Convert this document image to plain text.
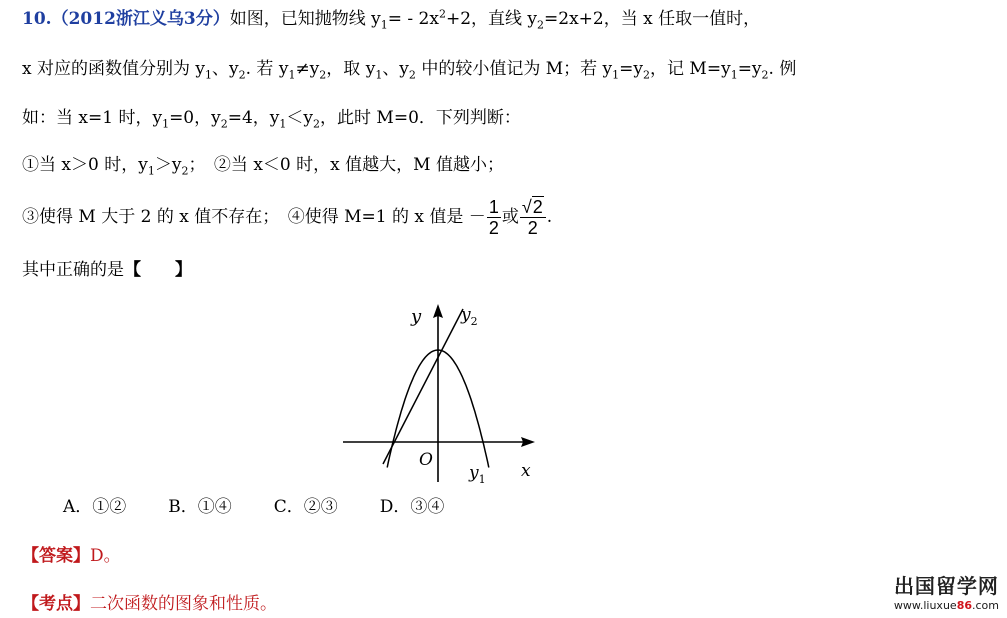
10.（2012浙江义乌3分）如图，已知抛物线 $y_1= - 2x^2+2$，直线 $y_2=2x+2$，当 x 任取一值时，
x 对应的函数值分别为 $y_1$、$y_2$. 若 $y_1\ne y_2$，取 $y_1$、$y_2$ 中的较小值记为 M；若 $y_1=y_2$，记 $M=y_1=y_2$. 例
如：当 x=1 时，$y_1=0$，$y_2=4$，$y_1<y_2$，此时 M=0．下列判断：
①当 x＞0 时，$y_1>y_2$；　②当 x＜0 时，x 值越大，M 值越小；
③使得 M 大于 2 的 x 值不存在；　④使得 M=1 的 x 值是 － $\frac{1}{2}$ 或 $\frac{√2}{2}$ .
其中正确的是【　　】
y $y_2$
O
x
$y_1$
A．①② B．①④ C．②③ D．③④
【答案】D。
【考点】二次函数的图象和性质。
出国留学网
www.liuxue86.com
